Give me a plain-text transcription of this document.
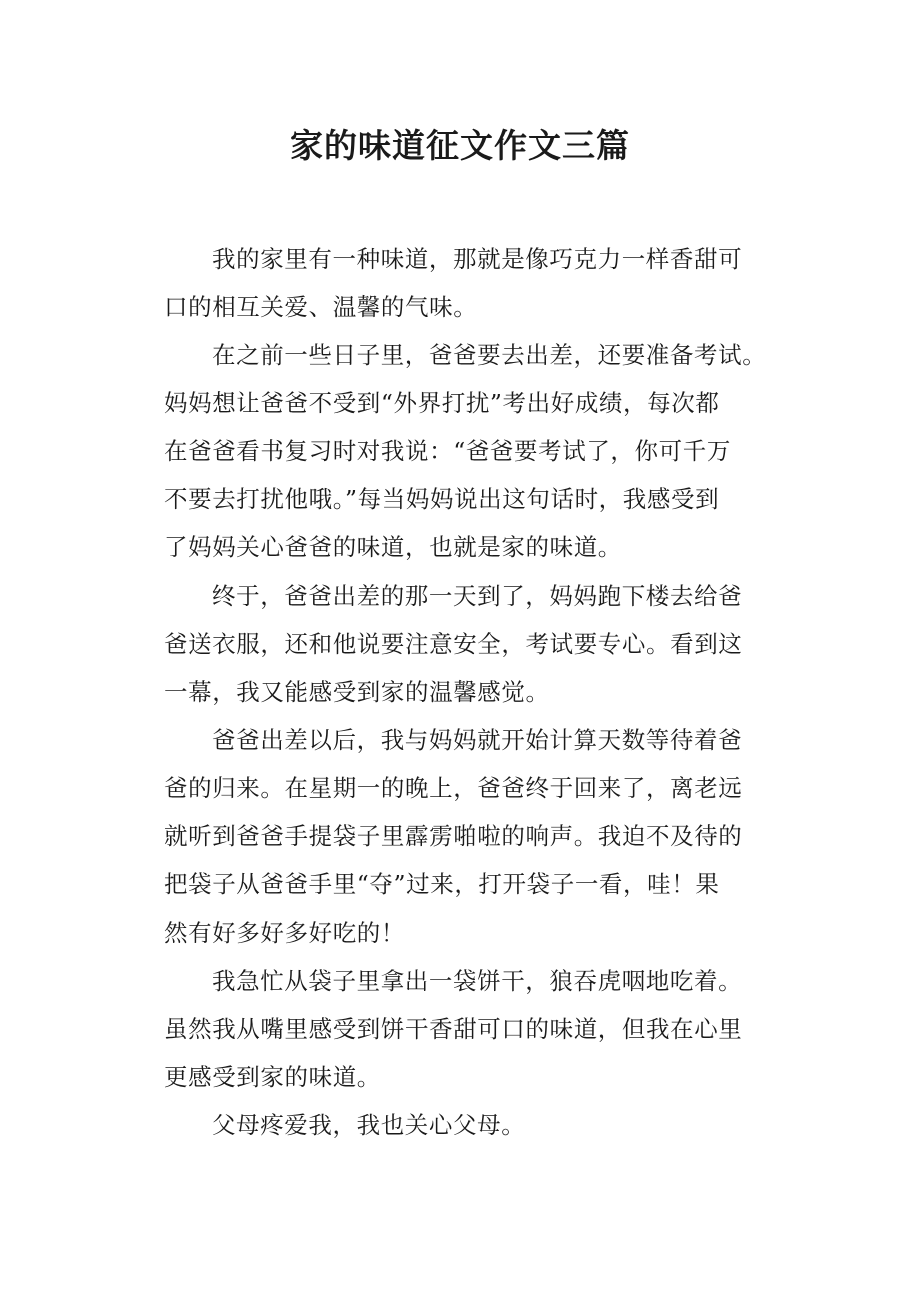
家的味道征文作文三篇
我的家里有一种味道，那就是像巧克力一样香甜可
口的相互关爱、温馨的气味。
在之前一些日子里，爸爸要去出差，还要准备考试。
妈妈想让爸爸不受到“外界打扰”考出好成绩，每次都
在爸爸看书复习时对我说：“爸爸要考试了，你可千万
不要去打扰他哦。”每当妈妈说出这句话时，我感受到
了妈妈关心爸爸的味道，也就是家的味道。
终于，爸爸出差的那一天到了，妈妈跑下楼去给爸
爸送衣服，还和他说要注意安全，考试要专心。看到这
一幕，我又能感受到家的温馨感觉。
爸爸出差以后，我与妈妈就开始计算天数等待着爸
爸的归来。在星期一的晚上，爸爸终于回来了，离老远
就听到爸爸手提袋子里霹雳啪啦的响声。我迫不及待的
把袋子从爸爸手里“夺”过来，打开袋子一看，哇！果
然有好多好多好吃的！
我急忙从袋子里拿出一袋饼干，狼吞虎咽地吃着。
虽然我从嘴里感受到饼干香甜可口的味道，但我在心里
更感受到家的味道。
父母疼爱我，我也关心父母。
